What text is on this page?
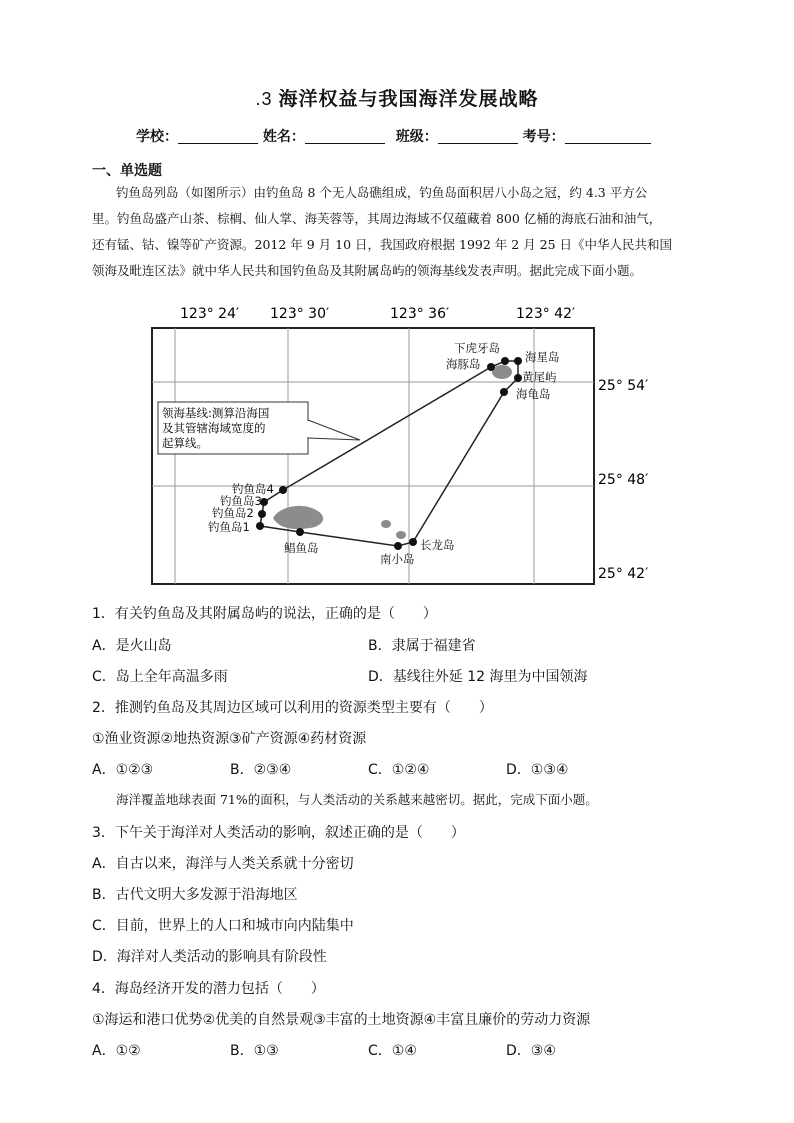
.3 海洋权益与我国海洋发展战略
学校：	姓名：	班级：	考号：
一、单选题
钓鱼岛列岛（如图所示）由钓鱼岛 8 个无人岛礁组成，钓鱼岛面积居八小岛之冠，约 4.3 平方公
里。钓鱼岛盛产山茶、棕榈、仙人掌、海芙蓉等，其周边海域不仅蕴藏着 800 亿桶的海底石油和油气，
还有锰、钴、镍等矿产资源。2012 年 9 月 10 日，我国政府根据 1992 年 2 月 25 日《中华人民共和国
领海及毗连区法》就中华人民共和国钓鱼岛及其附属岛屿的领海基线发表声明。据此完成下面小题。
123° 24′ 123° 30′	123° 36′	123° 42′
25° 54′
25° 48′
25° 42′
领海基线:测算沿海国
及其管辖海域宽度的
起算线。
下虎牙岛
海豚岛	海星岛
黄尾屿
海龟岛
钓鱼岛4
钓鱼岛3
钓鱼岛2
钓鱼岛1
鲳鱼岛
南小岛
长龙岛
1．有关钓鱼岛及其附属岛屿的说法，正确的是（　　）
A．是火山岛	B．隶属于福建省
C．岛上全年高温多雨	D．基线往外延 12 海里为中国领海
2．推测钓鱼岛及其周边区域可以利用的资源类型主要有（　　）
①渔业资源②地热资源③矿产资源④药材资源
A．①②③	B．②③④	C．①②④	D．①③④
海洋覆盖地球表面 71%的面积，与人类活动的关系越来越密切。据此，完成下面小题。
3．下午关于海洋对人类活动的影响，叙述正确的是（　　）
A．自古以来，海洋与人类关系就十分密切
B．古代文明大多发源于沿海地区
C．目前，世界上的人口和城市向内陆集中
D．海洋对人类活动的影响具有阶段性
4．海岛经济开发的潜力包括（　　）
①海运和港口优势②优美的自然景观③丰富的土地资源④丰富且廉价的劳动力资源
A．①②	B．①③	C．①④	D．③④
